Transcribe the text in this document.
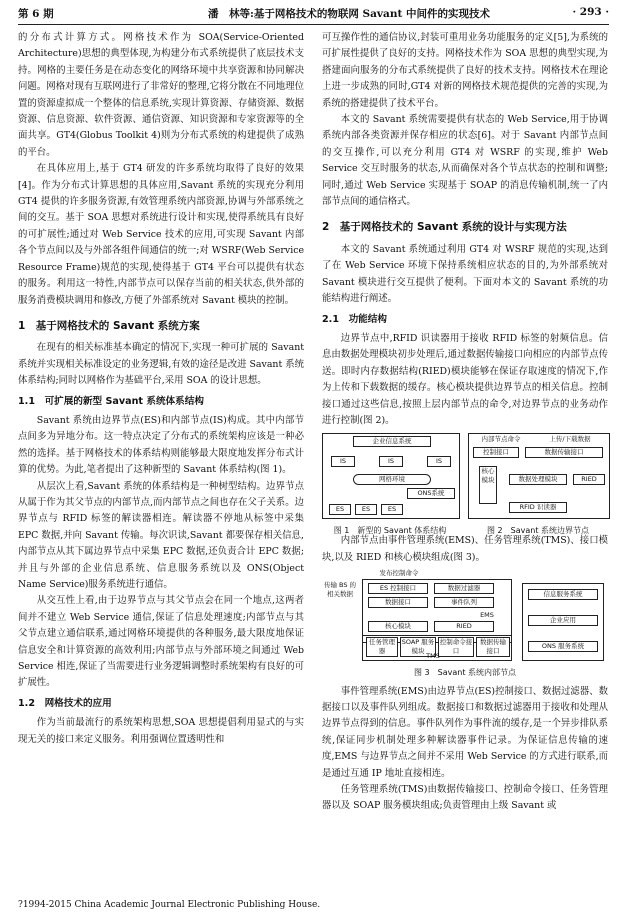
第 6 期	潘　林等:基于网格技术的物联网 Savant 中间件的实现技术	· 293 ·

的分布式计算方式。网格技术作为 SOA(Service-Oriented Architecture)思想的典型体现,为构建分布式系统提供了底层技术支持。网格的主要任务是在动态变化的网络环境中共享资源和协同解决问题。网格对现有互联网进行了非常好的整理,它将分散在不同地理位置的资源虚拟成一个整体的信息系统,实现计算资源、存储资源、数据资源、信息资源、软件资源、通信资源、知识资源和专家资源等的全面共享。GT4(Globus Toolkit 4)则为分布式系统的构建提供了成熟的平台。

在具体应用上,基于 GT4 研发的许多系统均取得了良好的效果[4]。作为分布式计算思想的具体应用,Savant 系统的实现充分利用 GT4 提供的许多服务资源,有效管理系统内部资源,协调与外部系统之间的交互。基于 SOA 思想对系统进行设计和实现,使得系统具有良好的可扩展性;通过对 Web Service 技术的应用,可实现 Savant 内部各个节点间以及与外部各组件间通信的统一;对 WSRF(Web Service Resource Frame)规范的实现,使得基于 GT4 平台可以提供有状态的服务。利用这一特性,内部节点可以保存当前的相关状态,供外部的服务消费模块调用和修改,方便了外部系统对 Savant 模块的控制。

1　基于网格技术的 Savant 系统方案

在现有的相关标准基本确定的情况下,实现一种可扩展的 Savant 系统并实现相关标准设定的业务逻辑,有效的途径是改进 Savant 系统体系结构;同时以网格作为基础平台,采用 SOA 的设计思想。

1.1　可扩展的新型 Savant 系统体系结构

Savant 系统由边界节点(ES)和内部节点(IS)构成。其中内部节点间多为异地分布。这一特点决定了分布式的系统架构应该是一种必然的选择。基于网格技术的体系结构则能够最大限度地发挥分布式计算的优势。为此,笔者提出了这种新型的 Savant 体系结构(图 1)。

从层次上看,Savant 系统的体系结构是一种树型结构。边界节点从属于作为其父节点的内部节点,而内部节点之间也存在父子关系。边界节点与 RFID 标签的解读器相连。解读器不停地从标签中采集 EPC 数据,并向 Savant 传输。每次识读,Savant 都要保存相关信息,内部节点从其下属边界节点中采集 EPC 数据,还负责合计 EPC 数据;并且与外部的企业信息系统、信息服务系统以及 ONS(Object Name Service)服务系统进行通信。

从交互性上看,由于边界节点与其父节点会在同一个地点,这两者间并不建立 Web Service 通信,保证了信息处理速度;内部节点与其父节点建立通信联系,通过网格环境提供的各种服务,最大限度地保证信息安全和计算资源的高效利用;内部节点与外部环境之间通过 Web Service 相连,保证了当需要进行业务逻辑调整时系统架构有良好的可扩展性。

1.2　网格技术的应用

作为当前最流行的系统架构思想,SOA 思想提倡利用显式的与实现无关的接口来定义服务。利用强调位置透明性和

可互操作性的通信协议,封装可重用业务功能服务的定义[5],为系统的可扩展性提供了良好的支持。网格技术作为 SOA 思想的典型实现,为搭建面向服务的分布式系统提供了良好的技术支持。网格技术在理论上进一步成熟的同时,GT4 对新的网格技术规范提供的完善的实现,为系统的搭建提供了技术平台。

本文的 Savant 系统需要提供有状态的 Web Service,用于协调系统内部各类资源并保存相应的状态[6]。对于 Savant 内部节点间的交互操作,可以充分利用 GT4 对 WSRF 的实现,维护 Web Service 交互时服务的状态,从而确保对各个节点状态的控制和调整;同时,通过 Web Service 实现基于 SOAP 的消息传输机制,统一了内部节点间的通信格式。

2　基于网格技术的 Savant 系统的设计与实现方法

本文的 Savant 系统通过利用 GT4 对 WSRF 规范的实现,达到了在 Web Service 环境下保持系统相应状态的目的,为外部系统对 Savant 模块进行交互提供了便利。下面对本文的 Savant 系统的功能结构进行阐述。

2.1　功能结构

边界节点中,RFID 识读器用于接收 RFID 标签的射频信息。信息由数据处理模块初步处理后,通过数据传输接口向相应的内部节点传送。即时内存数据结构(RIED)模块能够在保证存取速度的情况下,作为上传和下载数据的缓存。核心模块提供边界节点的相关信息。控制接口通过这些信息,按照上层内部节点的命令,对边界节点的业务动作进行控制(图 2)。

企业信息系统
IS	IS	IS
网格环境
ONS系统
ES	ES	ES
内部节点命令	上传/下载数据
控制接口	数据传输接口
核心模块	数据处理模块	RIED
RFID 识读器
图 1　新型的 Savant 体系结构	图 2　Savant 系统边界节点

内部节点由事件管理系统(EMS)、任务管理系统(TMS)、接口模块,以及 RIED 和核心模块组成(图 3)。

发布控制命令
传输 BS 的相关数据
ES 控制接口	数据过滤器
数据接口	事件队列
EMS
核心模块	RIED
任务管理器
SOAP 服务模块
控制命令接口
数据传输接口
TMS
信息服务系统
企业应用
ONS 服务系统
图 3　Savant 系统内部节点

事件管理系统(EMS)由边界节点(ES)控制接口、数据过滤器、数据接口以及事件队列组成。数据接口和数据过滤器用于接收和处理从边界节点得到的信息。事件队列作为事件流的缓存,是一个异步排队系统,保证同步机制处理多种解读器事件记录。为保证信息传输的速度,EMS 与边界节点之间并不采用 Web Service 的方式进行联系,而是通过互通 IP 地址直接相连。

任务管理系统(TMS)由数据传输接口、控制命令接口、任务管理器以及 SOAP 服务模块组成;负责管理由上级 Savant 或

?1994-2015 China Academic Journal Electronic Publishing House.
